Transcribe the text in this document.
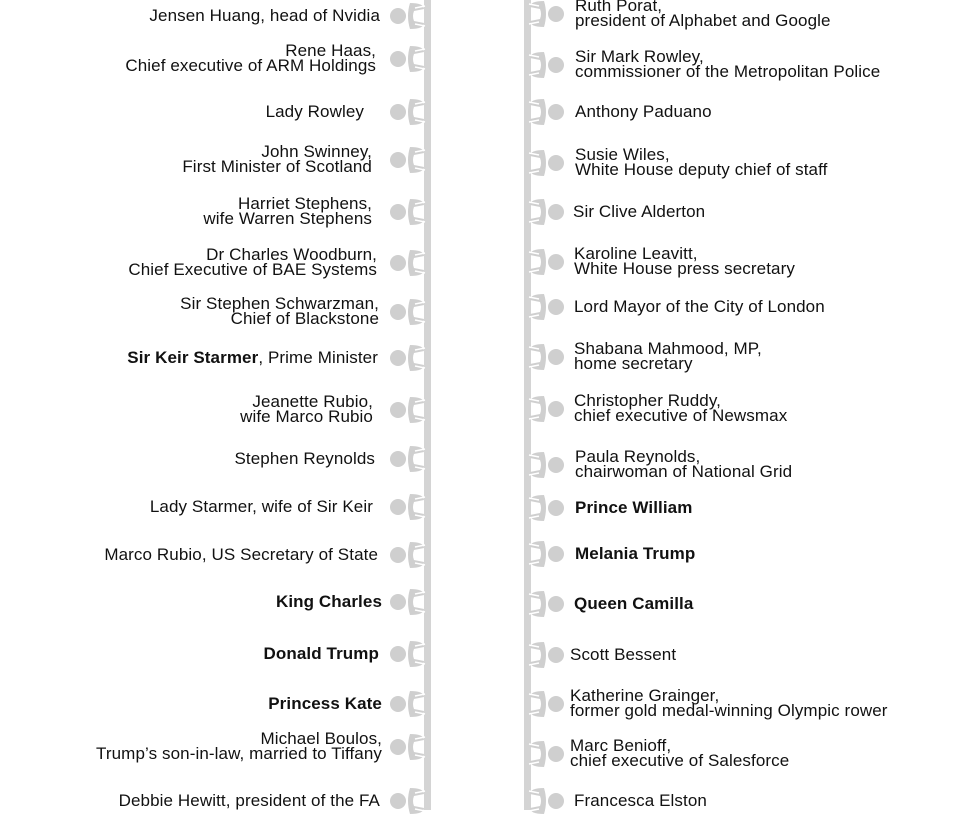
Jensen Huang, head of Nvidia
Rene Haas,
Chief executive of ARM Holdings
Lady Rowley
John Swinney,
First Minister of Scotland
Harriet Stephens,
wife Warren Stephens
Dr Charles Woodburn,
Chief Executive of BAE Systems
Sir Stephen Schwarzman,
Chief of Blackstone
Sir Keir Starmer, Prime Minister
Jeanette Rubio,
wife Marco Rubio
Stephen Reynolds
Lady Starmer, wife of Sir Keir
Marco Rubio, US Secretary of State
King Charles
Donald Trump
Princess Kate
Michael Boulos,
Trump’s son-in-law, married to Tiffany
Debbie Hewitt, president of the FA
Ruth Porat,
president of Alphabet and Google
Sir Mark Rowley,
commissioner of the Metropolitan Police
Anthony Paduano
Susie Wiles,
White House deputy chief of staff
Sir Clive Alderton
Karoline Leavitt,
White House press secretary
Lord Mayor of the City of London
Shabana Mahmood, MP,
home secretary
Christopher Ruddy,
chief executive of Newsmax
Paula Reynolds,
chairwoman of National Grid
Prince William
Melania Trump
Queen Camilla
Scott Bessent
Katherine Grainger,
former gold medal-winning Olympic rower
Marc Benioff,
chief executive of Salesforce
Francesca Elston
